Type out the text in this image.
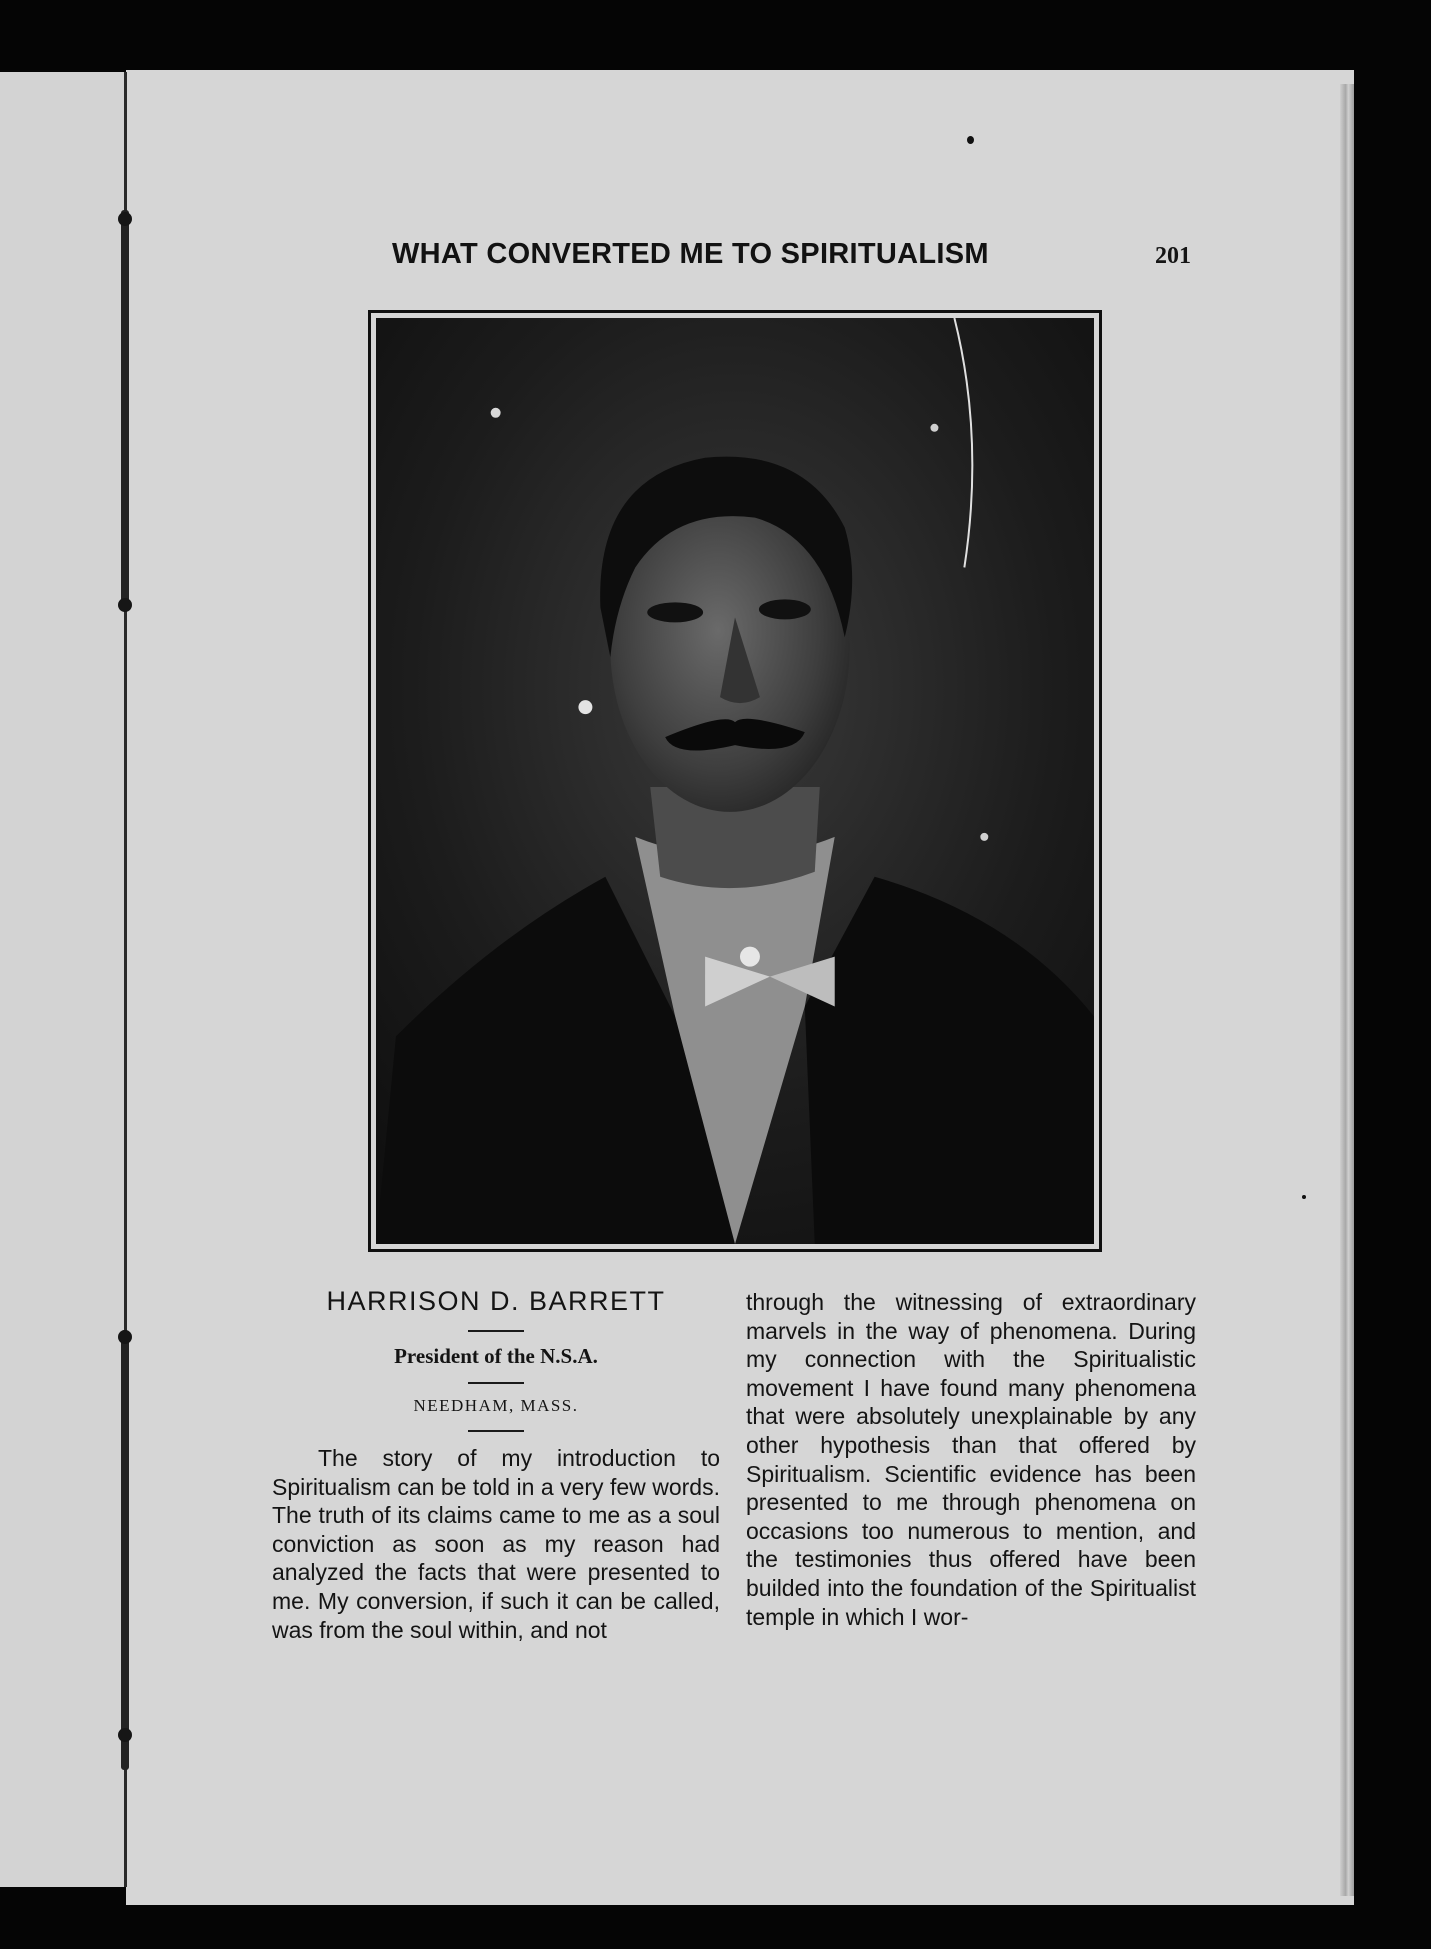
WHAT CONVERTED ME TO SPIRITUALISM	201

HARRISON D. BARRETT

President of the N.S.A.

NEEDHAM, MASS.

The story of my introduction to Spiritualism can be told in a very few words. The truth of its claims came to me as a soul conviction as soon as my reason had analyzed the facts that were presented to me. My conversion, if such it can be called, was from the soul within, and not

through the witnessing of extraordinary marvels in the way of phenomena. During my connection with the Spiritualistic movement I have found many phenomena that were absolutely unexplainable by any other hypothesis than that offered by Spiritualism. Scientific evidence has been presented to me through phenomena on occasions too numerous to mention, and the testimonies thus offered have been builded into the foundation of the Spiritualist temple in which I wor-
